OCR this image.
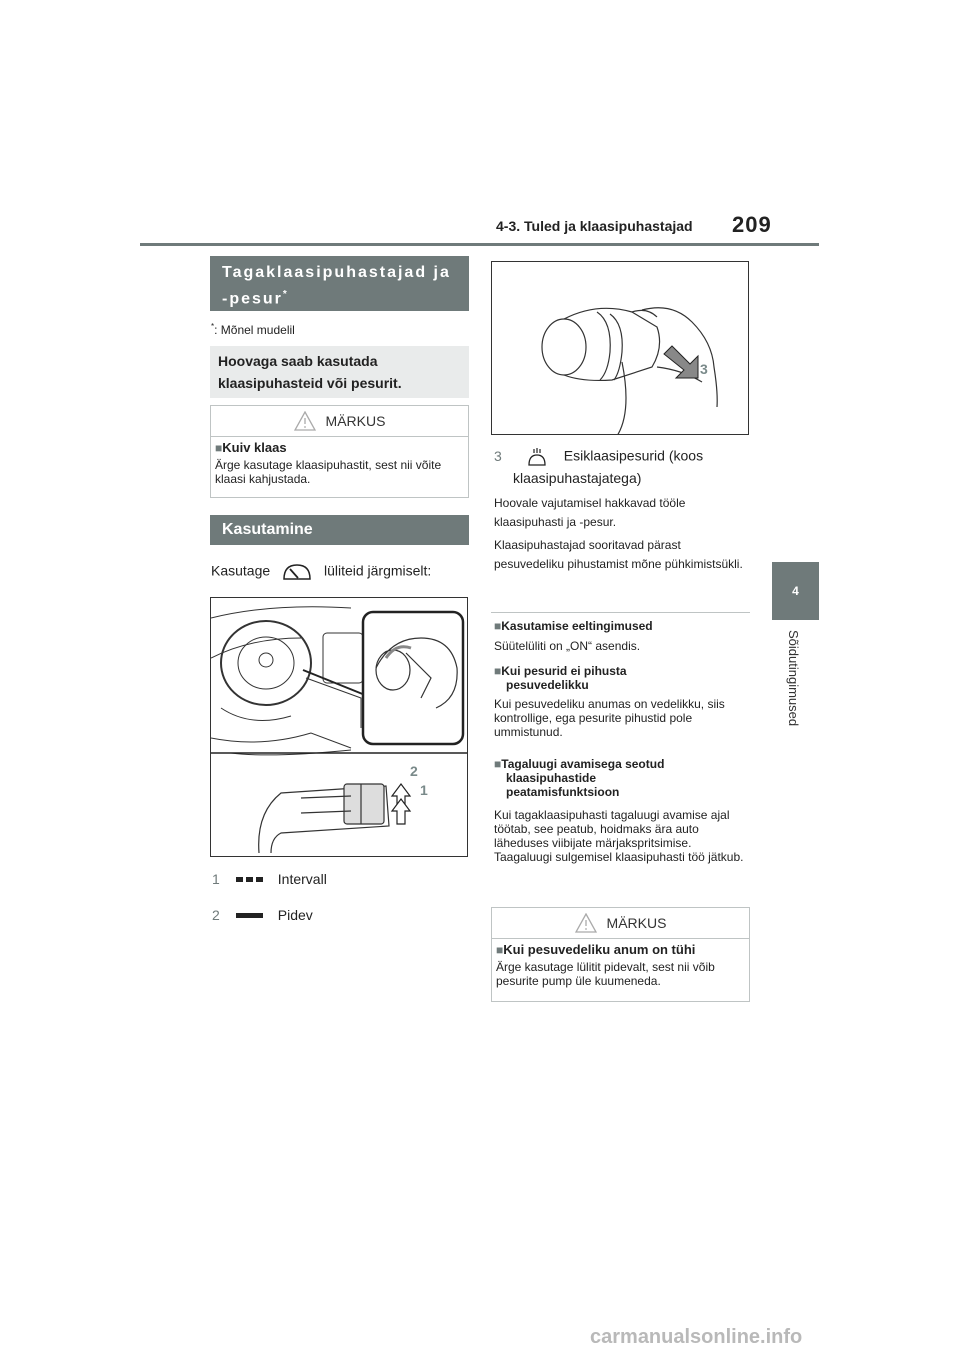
4-3. Tuled ja klaasipuhastajad 209
4
Sõidutingimused
Tagaklaasipuhastajad ja
-pesur*
*: Mõnel mudelil
Hoovaga saab kasutada klaasipuhasteid või pesurit.
MÄRKUS
■Kuiv klaas
Ärge kasutage klaasipuhastit, sest nii võite klaasi kahjustada.
Kasutamine
Kasutage	lüliteid järgmiselt:
2
1
1	Intervall
2	Pidev
3
3	Esiklaasipesurid (koos
klaasipuhastajatega)
Hoovale vajutamisel hakkavad tööle klaasipuhasti ja -pesur.
Klaasipuhastajad sooritavad pärast pesuvedeliku pihustamist mõne pühkimistsükli.
■Kasutamise eeltingimused
Süütelüliti on „ON“ asendis.
■Kui pesurid ei pihusta
pesuvedelikku
Kui pesuvedeliku anumas on vedelikku, siis kontrollige, ega pesurite pihustid pole ummistunud.
■Tagaluugi avamisega seotud
klaasipuhastide
peatamisfunktsioon
Kui tagaklaasipuhasti tagaluugi avamise ajal töötab, see peatub, hoidmaks ära auto läheduses viibijate märjakspritsimise. Taagaluugi sulgemisel klaasipuhasti töö jätkub.
MÄRKUS
■Kui pesuvedeliku anum on tühi
Ärge kasutage lülitit pidevalt, sest nii võib pesurite pump üle kuumeneda.
carmanualsonline.info
